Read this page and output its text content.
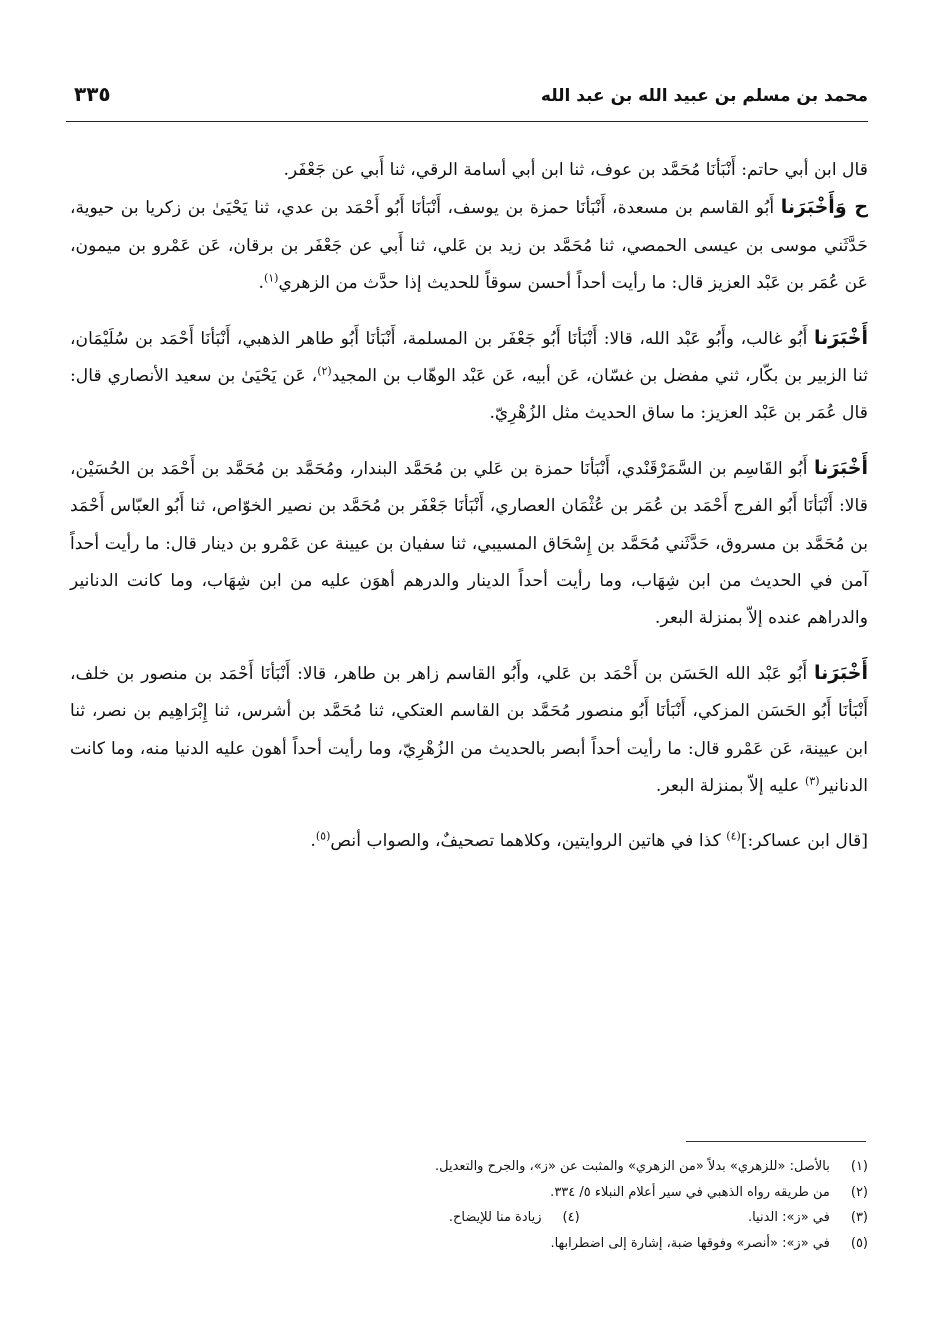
محمد بن مسلم بن عبيد الله بن عبد الله
٣٣٥

قال ابن أبي حاتم: أَنْبَأنَا مُحَمَّد بن عوف، ثنا ابن أبي أسامة الرقي، ثنا أَبي عن جَعْفَر.

ح وَأَخْبَرَنا أَبُو القاسم بن مسعدة، أَنْبَأنَا حمزة بن يوسف، أَنْبَأنَا أَبُو أَحْمَد بن عدي، ثنا يَحْيَىٰ بن زكريا بن حيوية، حَدَّثَني موسى بن عيسى الحمصي، ثنا مُحَمَّد بن زيد بن عَلي، ثنا أَبي عن جَعْفَر بن برقان، عَن عَمْرو بن ميمون، عَن عُمَر بن عَبْد العزيز قال: ما رأيت أحداً أحسن سوقاً للحديث إذا حدَّث من الزهري$^{(١)}$.

أَخْبَرَنا أَبُو غالب، وأَبُو عَبْد الله، قالا: أَنْبَأنَا أَبُو جَعْفَر بن المسلمة، أَنْبَأنَا أَبُو طاهر الذهبي، أَنْبَأنَا أَحْمَد بن سُلَيْمَان، ثنا الزبير بن بكّار، ثني مفضل بن غسّان، عَن أبيه، عَن عَبْد الوهّاب بن المجيد$^{(٢)}$، عَن يَحْيَىٰ بن سعيد الأنصاري قال: قال عُمَر بن عَبْد العزيز: ما ساق الحديث مثل الزُهْرِيّ.

أَخْبَرَنا أَبُو القَاسِم بن السَّمَرْقَنْدي، أَنْبَأنَا حمزة بن عَلي بن مُحَمَّد البندار، ومُحَمَّد بن مُحَمَّد بن أَحْمَد بن الحُسَيْن، قالا: أَنْبَأنَا أَبُو الفرج أَحْمَد بن عُمَر بن عُثْمَان العصاري، أَنْبَأنَا جَعْفَر بن مُحَمَّد بن نصير الخوّاص، ثنا أَبُو العبّاس أَحْمَد بن مُحَمَّد بن مسروق، حَدَّثَني مُحَمَّد بن إِسْحَاق المسيبي، ثنا سفيان بن عيينة عن عَمْرو بن دينار قال: ما رأيت أحداً آمن في الحديث من ابن شِهَاب، وما رأيت أحداً الدينار والدرهم أهوَن عليه من ابن شِهَاب، وما كانت الدنانير والدراهم عنده إلاّ بمنزلة البعر.

أَخْبَرَنا أَبُو عَبْد الله الحَسَن بن أَحْمَد بن عَلي، وأَبُو القاسم زاهر بن طاهر، قالا: أَنْبَأنَا أَحْمَد بن منصور بن خلف، أَنْبَأنَا أَبُو الحَسَن المزكي، أَنْبَأنَا أَبُو منصور مُحَمَّد بن القاسم العتكي، ثنا مُحَمَّد بن أشرس، ثنا إِبْرَاهِيم بن نصر، ثنا ابن عيينة، عَن عَمْرو قال: ما رأيت أحداً أبصر بالحديث من الزُهْرِيّ، وما رأيت أحداً أهون عليه الدنيا منه، وما كانت الدنانير$^{(٣)}$ عليه إلاّ بمنزلة البعر.

[قال ابن عساكر:]$^{(٤)}$ كذا في هاتين الروايتين، وكلاهما تصحيفٌ، والصواب أنص$^{(٥)}$.

(١) بالأصل: «للزهري» بدلاً «من الزهري» والمثبت عن «ز»، والجرح والتعديل.
(٢) من طريقه رواه الذهبي في سير أعلام النبلاء ٥/ ٣٣٤.
(٣) في «ز»: الدنيا.  (٤) زيادة منا للإيضاح.
(٥) في «ز»: «أنصر» وفوقها ضبة، إشارة إلى اضطرابها.
